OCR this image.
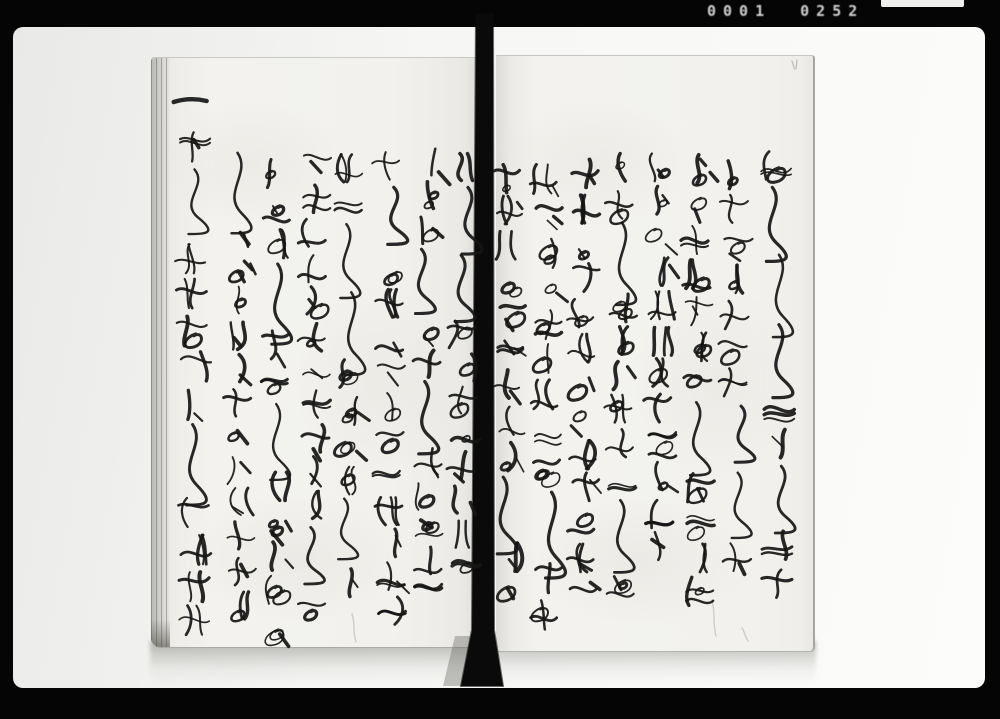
0001 0252
